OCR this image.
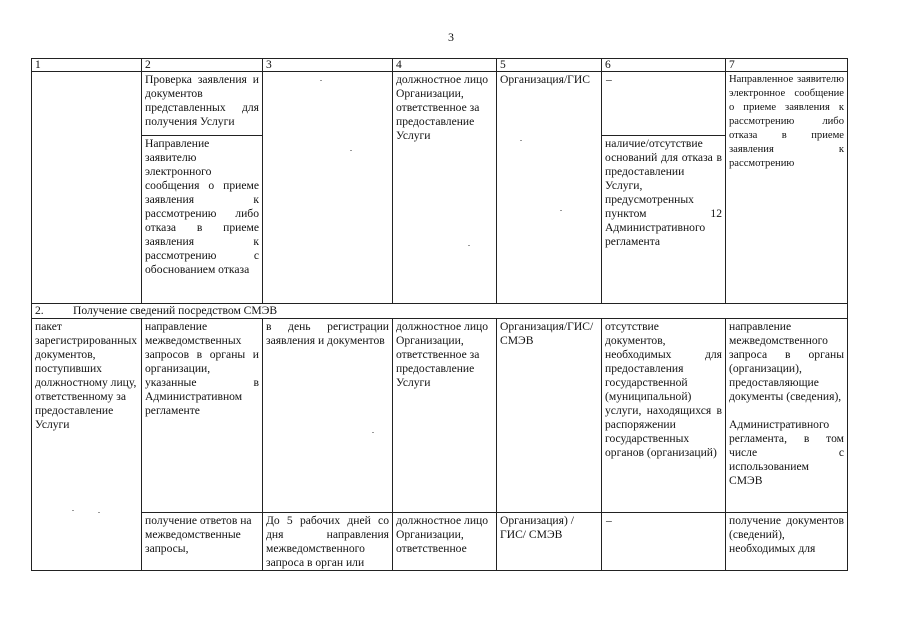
3
1	2	3	4	5	6	7
	Проверка заявления и документов представленных для получения Услуги		должностное лицо Организации, ответственное за предоставление Услуги	Организация/ГИС	–	Направленное заявителю электронное сообщение о приеме заявления к рассмотрению либо отказа в приеме заявления к рассмотрению
	Направление заявителю электронного сообщения о приеме заявления к рассмотрению либо отказа в приеме заявления к рассмотрению с обоснованием отказа				наличие/отсутствие оснований для отказа в предоставлении Услуги, предусмотренных пунктом 12 Административного регламента	
2. Получение сведений посредством СМЭВ						
пакет зарегистрированных документов, поступивших должностному лицу, ответственному за предоставление Услуги	направление межведомственных запросов в органы и организации, указанные в Административном регламенте	в день регистрации заявления и документов	должностное лицо Организации, ответственное за предоставление Услуги	Организация/ГИС/ СМЭВ	отсутствие документов, необходимых для предоставления государственной (муниципальной) услуги, находящихся в распоряжении государственных органов (организаций)	направление межведомственного запроса в органы (организации), предоставляющие документы (сведения),

Административного регламента, в том числе с использованием СМЭВ
	получение ответов на межведомственные запросы,	До 5 рабочих дней со дня направления межведомственного запроса в орган или	должностное лицо Организации, ответственное	Организация) /ГИС/ СМЭВ	–	получение документов (сведений), необходимых для
